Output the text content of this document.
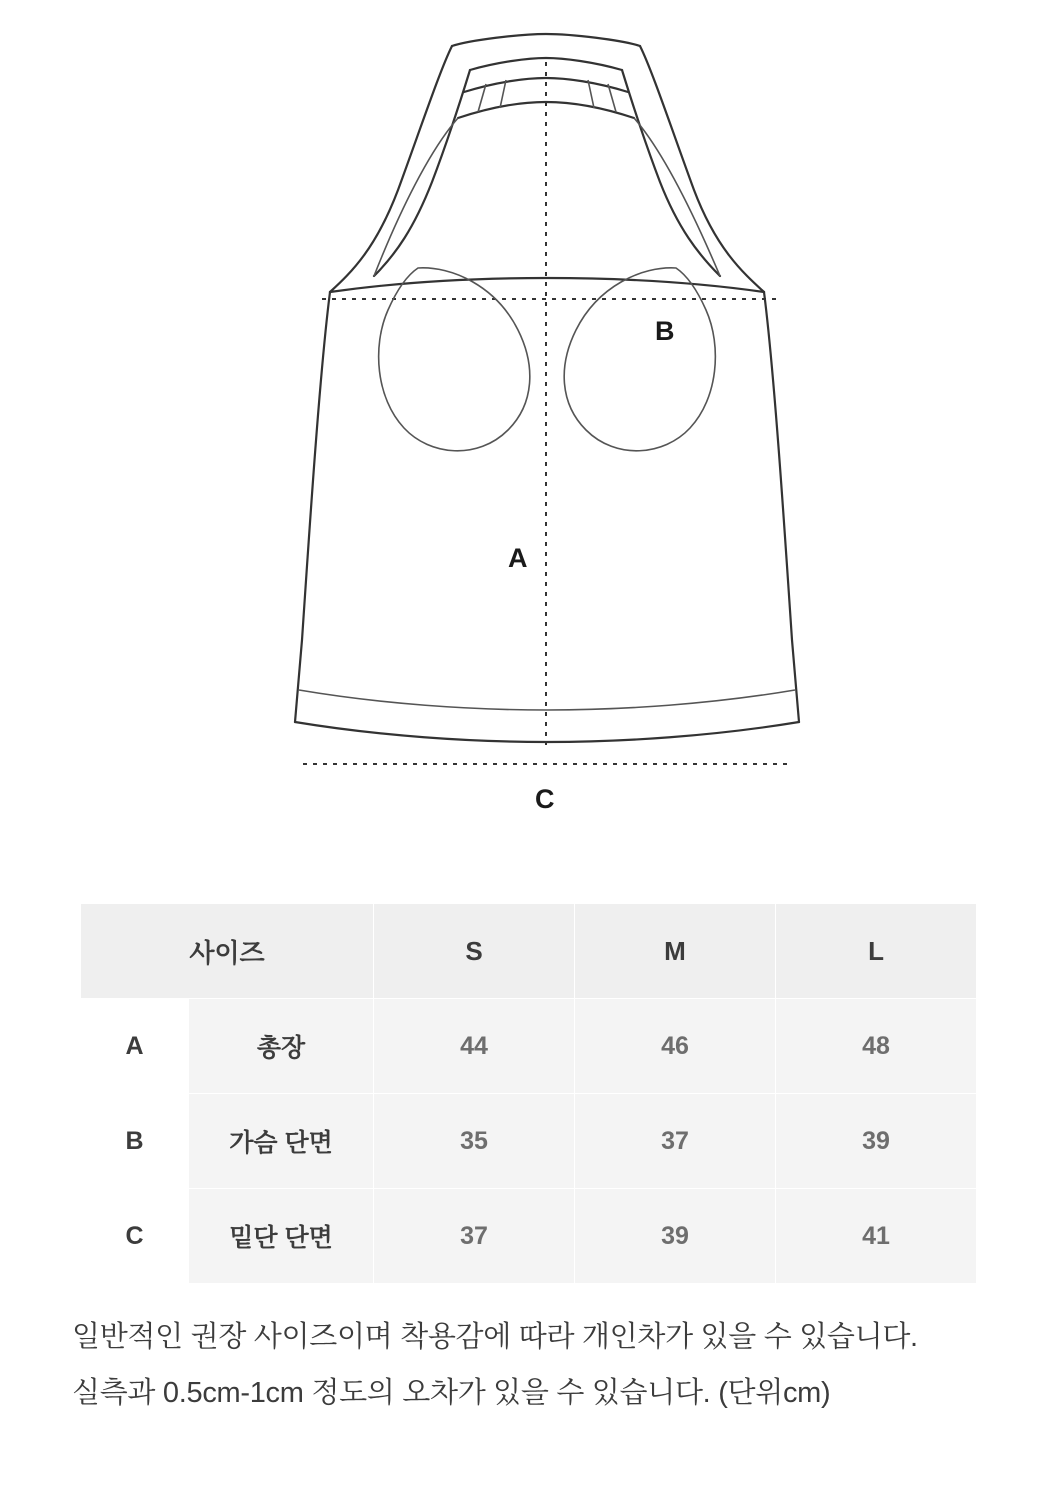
B
A
C
사이즈		S	M	L
A	총장	44	46	48
B	가슴 단면	35	37	39
C	밑단 단면	37	39	41

일반적인 권장 사이즈이며 착용감에 따라 개인차가 있을 수 있습니다.

실측과 0.5cm-1cm 정도의 오차가 있을 수 있습니다. (단위cm)
